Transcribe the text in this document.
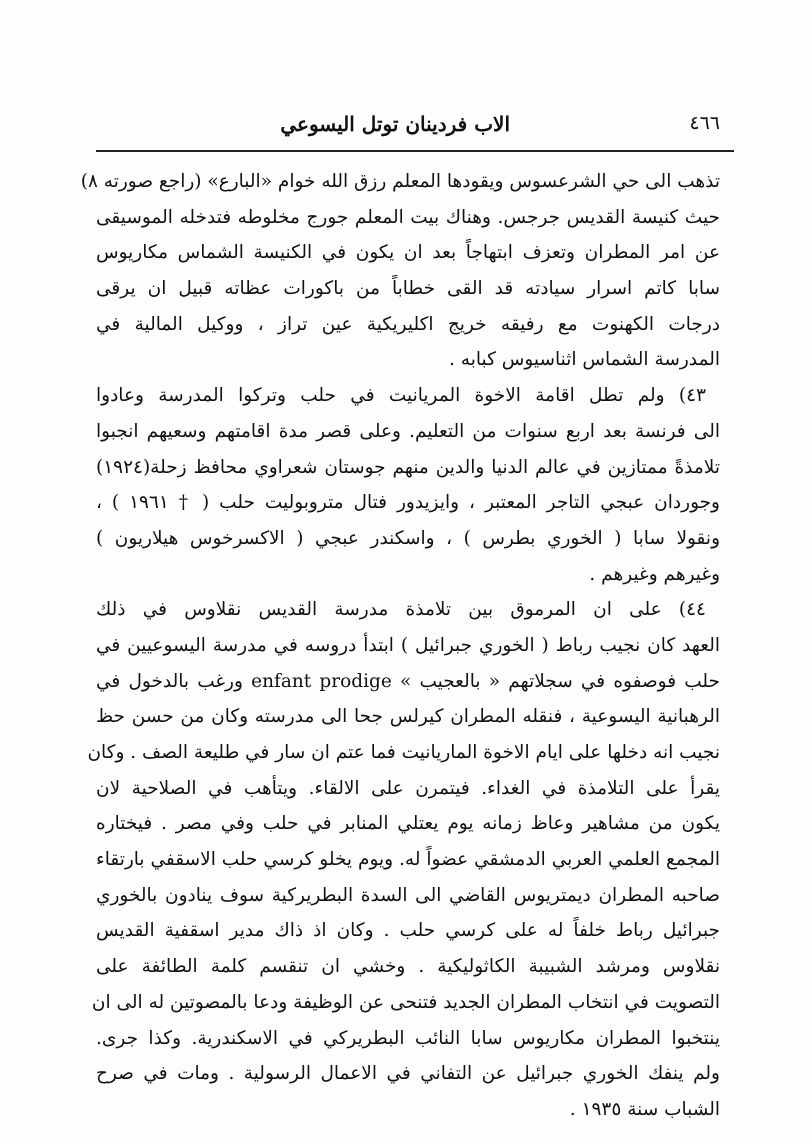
٤٦٦
الاب فردينان توتل اليسوعي
تذهب الى حي الشرعسوس ويقودها المعلم رزق الله خوام «البارع» (راجع صورته ٨)
حيث كنيسة القديس جرجس. وهناك بيت المعلم جورج مخلوطه فتدخله الموسيقى
عن امر المطران وتعزف ابتهاجاً بعد ان يكون في الكنيسة الشماس مكاريوس
سابا كاتم اسرار سيادته قد القى خطاباً من باكورات عظاته قبيل ان يرقى
درجات الكهنوت مع رفيقه خريج اكليريكية عين تراز ، ووكيل المالية في
المدرسة الشماس اثناسيوس كبابه .
٤٣) ولم تطل اقامة الاخوة المريانيت في حلب وتركوا المدرسة وعادوا
الى فرنسة بعد اربع سنوات من التعليم. وعلى قصر مدة اقامتهم وسعيهم انجبوا
تلامذةً ممتازين في عالم الدنيا والدين منهم جوستان شعراوي محافظ زحلة(١٩٢٤)
وجوردان عبجي التاجر المعتبر ، وايزيدور فتال متروبوليت حلب ( † ١٩٦١ ) ،
ونقولا سابا ( الخوري بطرس ) ، واسكندر عبجي ( الاكسرخوس هيلاريون )
وغيرهم وغيرهم .
٤٤) على ان المرموق بين تلامذة مدرسة القديس نقلاوس في ذلك
العهد كان نجيب رباط ( الخوري جبرائيل ) ابتدأ دروسه في مدرسة اليسوعيين في
حلب فوصفوه في سجلاتهم « بالعجيب » enfant prodige ورغب بالدخول في
الرهبانية اليسوعية ، فنقله المطران كيرلس جحا الى مدرسته وكان من حسن حظ
نجيب انه دخلها على ايام الاخوة الماريانيت فما عتم ان سار في طليعة الصف . وكان
يقرأ على التلامذة في الغداء. فيتمرن على الالقاء. ويتأهب في الصلاحية لان
يكون من مشاهير وعاظ زمانه يوم يعتلي المنابر في حلب وفي مصر . فيختاره
المجمع العلمي العربي الدمشقي عضواً له. ويوم يخلو كرسي حلب الاسقفي بارتقاء
صاحبه المطران ديمتريوس القاضي الى السدة البطريركية سوف ينادون بالخوري
جبرائيل رباط خلفاً له على كرسي حلب . وكان اذ ذاك مدير اسقفية القديس
نقلاوس ومرشد الشبيبة الكاثوليكية . وخشي ان تنقسم كلمة الطائفة على
التصويت في انتخاب المطران الجديد فتنحى عن الوظيفة ودعا بالمصوتين له الى ان
ينتخبوا المطران مكاريوس سابا النائب البطريركي في الاسكندرية. وكذا جرى.
ولم ينفك الخوري جبرائيل عن التفاني في الاعمال الرسولية . ومات في صرح
الشباب سنة ١٩٣٥ .
